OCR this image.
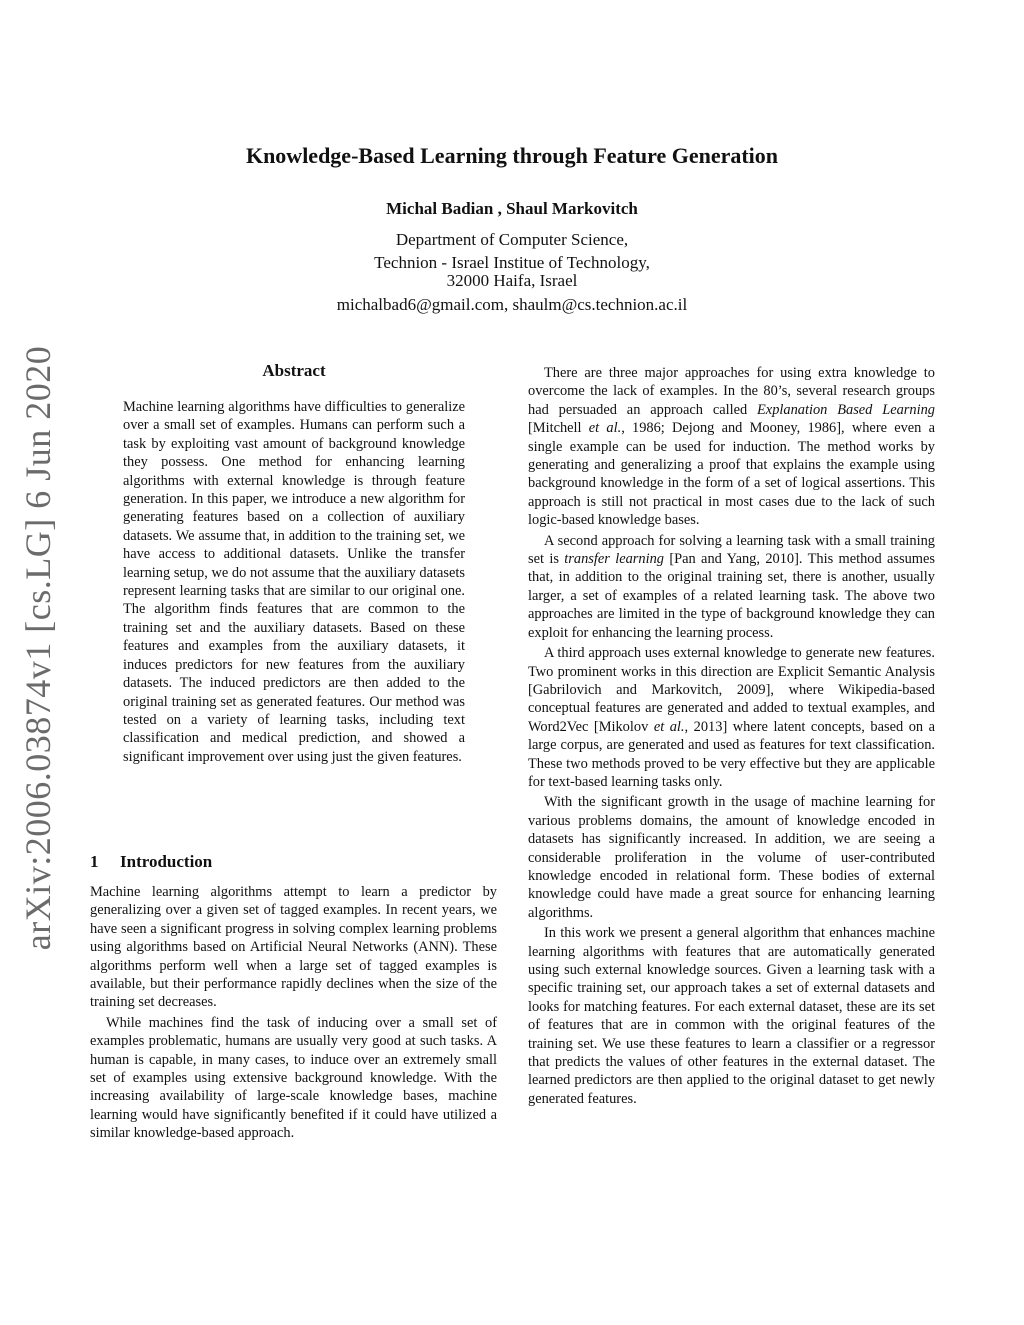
arXiv:2006.03874v1 [cs.LG] 6 Jun 2020
Knowledge-Based Learning through Feature Generation
Michal Badian , Shaul Markovitch
Department of Computer Science,
Technion - Israel Institue of Technology,
32000 Haifa, Israel
michalbad6@gmail.com, shaulm@cs.technion.ac.il
Abstract

Machine learning algorithms have difficulties to generalize over a small set of examples. Humans can perform such a task by exploiting vast amount of background knowledge they possess. One method for enhancing learning algorithms with external knowledge is through feature generation. In this paper, we introduce a new algorithm for generating features based on a collection of auxiliary datasets. We assume that, in addition to the training set, we have access to additional datasets. Unlike the transfer learning setup, we do not assume that the auxiliary datasets represent learning tasks that are similar to our original one. The algorithm finds features that are common to the training set and the auxiliary datasets. Based on these features and examples from the auxiliary datasets, it induces predictors for new features from the auxiliary datasets. The induced predictors are then added to the original training set as generated features. Our method was tested on a variety of learning tasks, including text classification and medical prediction, and showed a significant improvement over using just the given features.

1 Introduction

Machine learning algorithms attempt to learn a predictor by generalizing over a given set of tagged examples. In recent years, we have seen a significant progress in solving complex learning problems using algorithms based on Artificial Neural Networks (ANN). These algorithms perform well when a large set of tagged examples is available, but their performance rapidly declines when the size of the training set decreases.

While machines find the task of inducing over a small set of examples problematic, humans are usually very good at such tasks. A human is capable, in many cases, to induce over an extremely small set of examples using extensive background knowledge. With the increasing availability of large-scale knowledge bases, machine learning would have significantly benefited if it could have utilized a similar knowledge-based approach.

There are three major approaches for using extra knowledge to overcome the lack of examples. In the 80’s, several research groups had persuaded an approach called Explanation Based Learning [Mitchell et al., 1986; Dejong and Mooney, 1986], where even a single example can be used for induction. The method works by generating and generalizing a proof that explains the example using background knowledge in the form of a set of logical assertions. This approach is still not practical in most cases due to the lack of such logic-based knowledge bases.

A second approach for solving a learning task with a small training set is transfer learning [Pan and Yang, 2010]. This method assumes that, in addition to the original training set, there is another, usually larger, a set of examples of a related learning task. The above two approaches are limited in the type of background knowledge they can exploit for enhancing the learning process.

A third approach uses external knowledge to generate new features. Two prominent works in this direction are Explicit Semantic Analysis [Gabrilovich and Markovitch, 2009], where Wikipedia-based conceptual features are generated and added to textual examples, and Word2Vec [Mikolov et al., 2013] where latent concepts, based on a large corpus, are generated and used as features for text classification. These two methods proved to be very effective but they are applicable for text-based learning tasks only.

With the significant growth in the usage of machine learning for various problems domains, the amount of knowledge encoded in datasets has significantly increased. In addition, we are seeing a considerable proliferation in the volume of user-contributed knowledge encoded in relational form. These bodies of external knowledge could have made a great source for enhancing learning algorithms.

In this work we present a general algorithm that enhances machine learning algorithms with features that are automatically generated using such external knowledge sources. Given a learning task with a specific training set, our approach takes a set of external datasets and looks for matching features. For each external dataset, these are its set of features that are in common with the original features of the training set. We use these features to learn a classifier or a regressor that predicts the values of other features in the external dataset. The learned predictors are then applied to the original dataset to get newly generated features.
